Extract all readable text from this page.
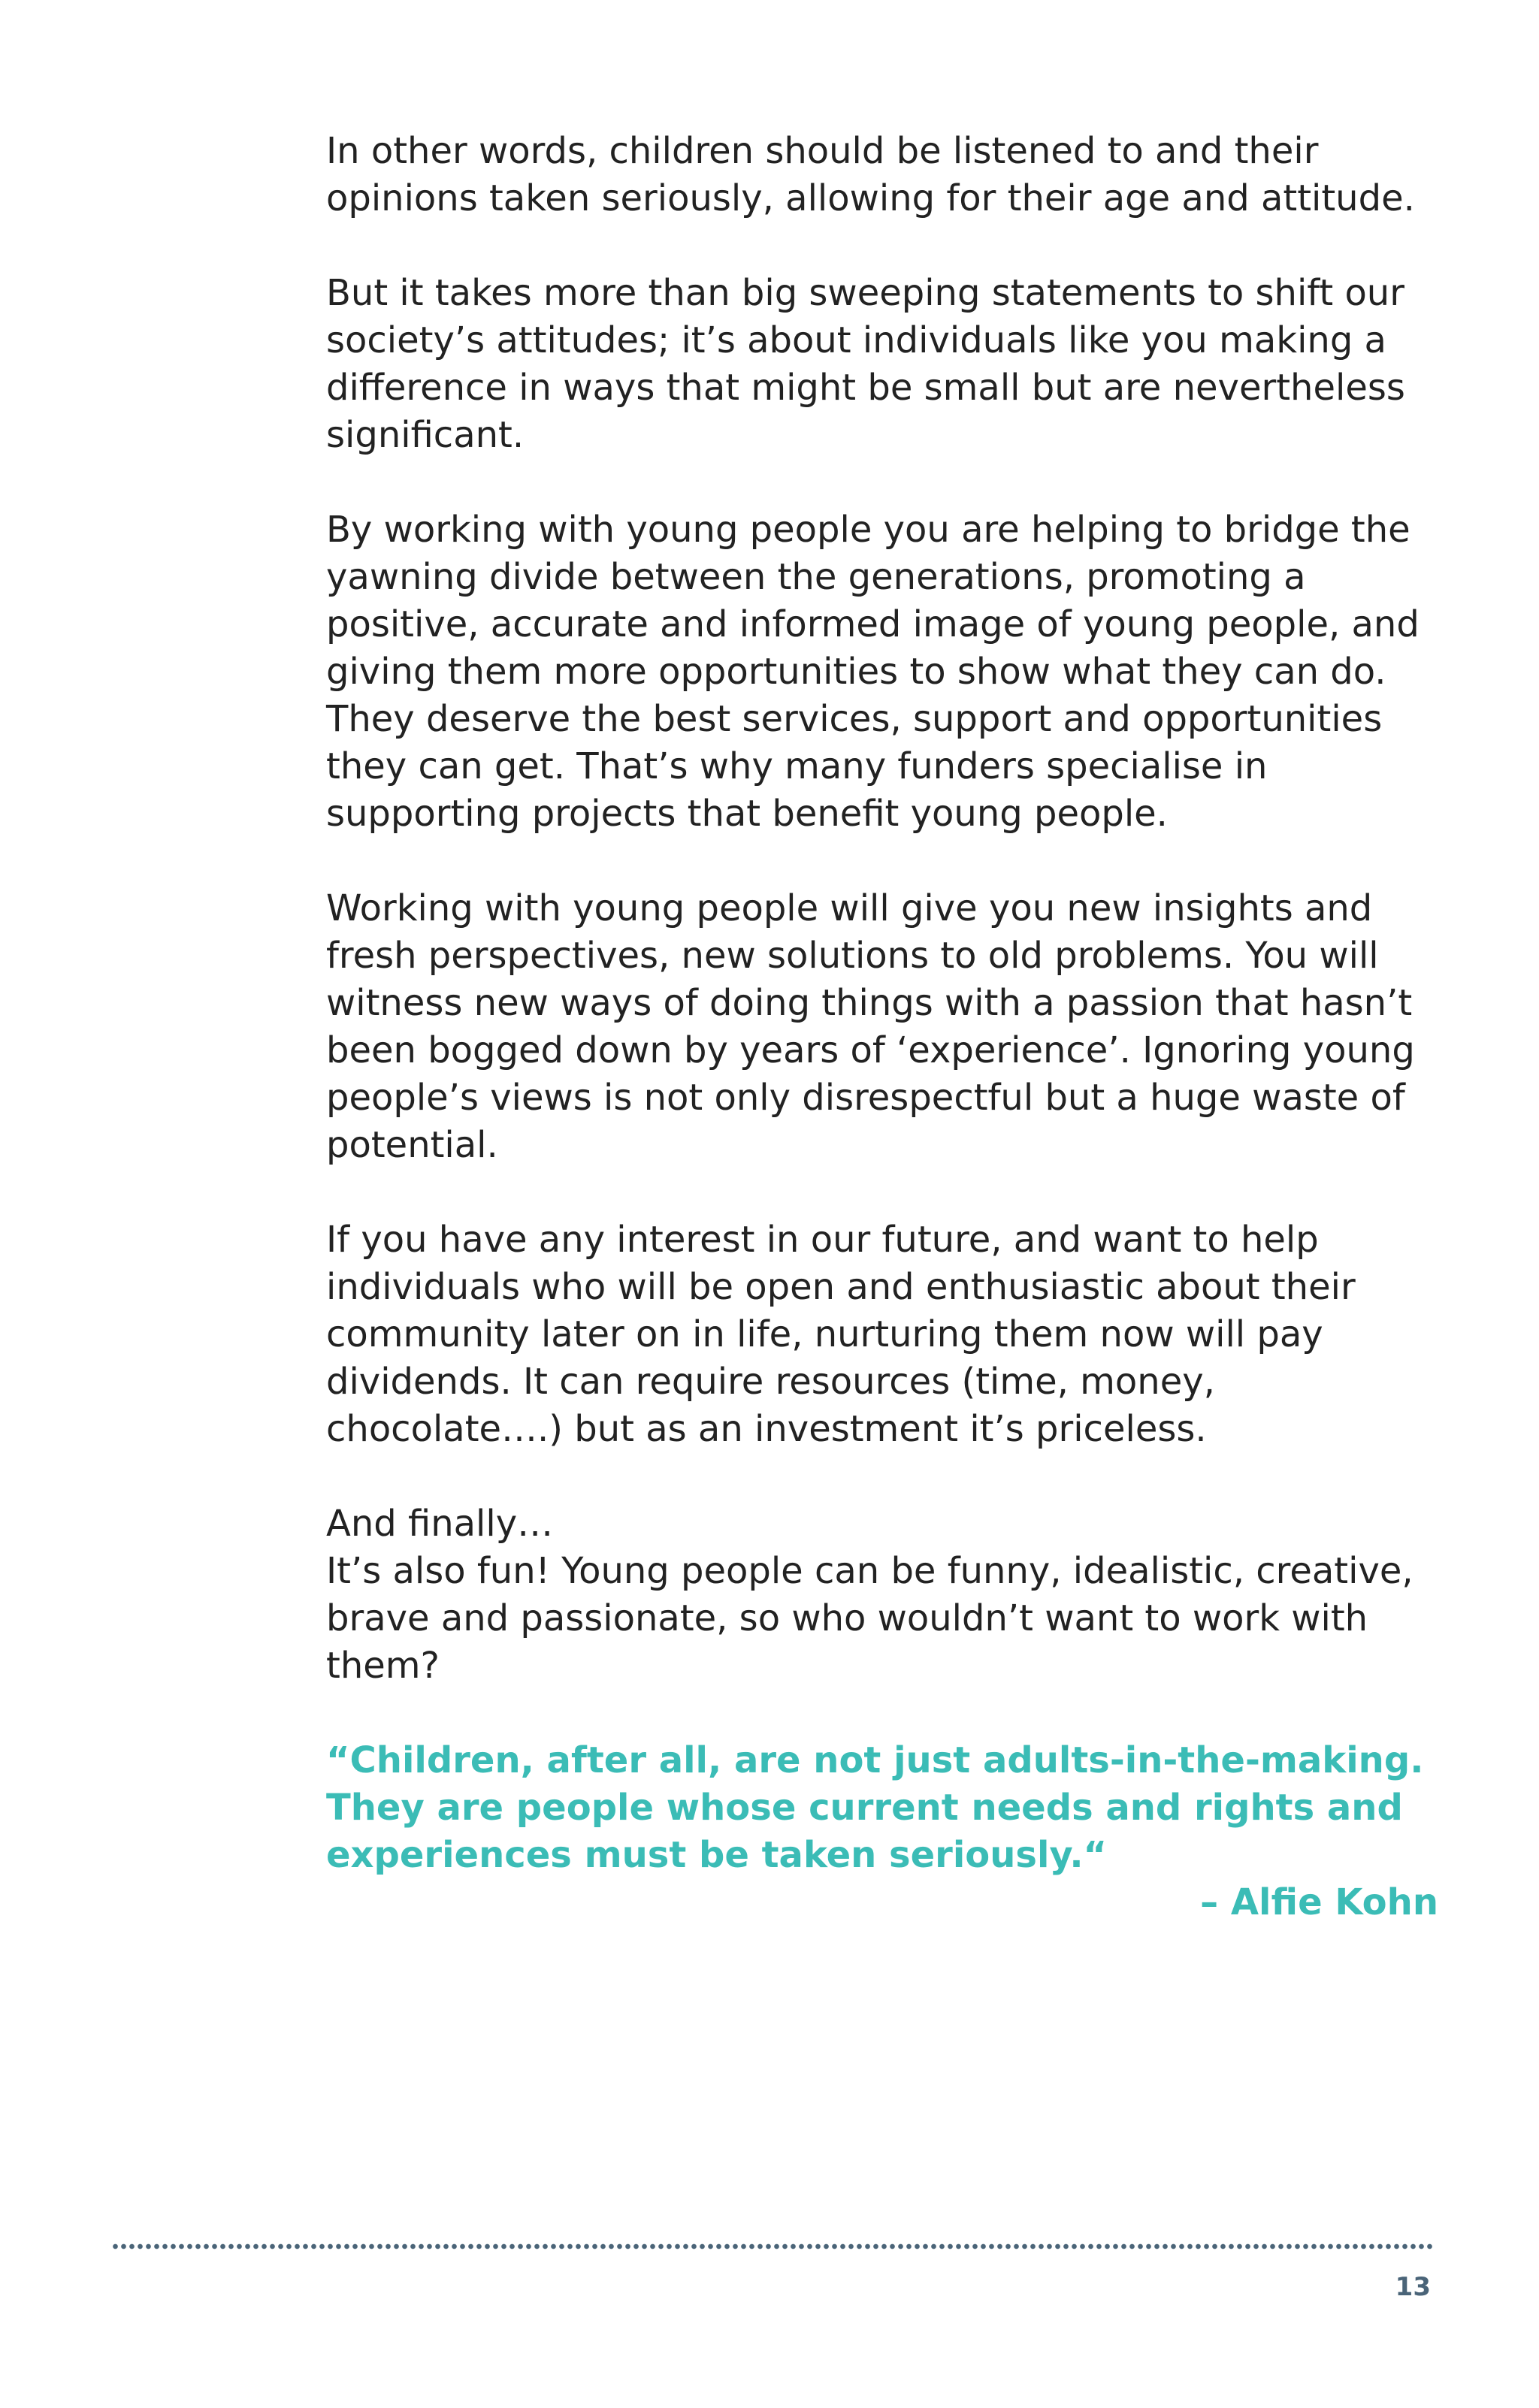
In other words, children should be listened to and their opinions taken seriously, allowing for their age and attitude.

But it takes more than big sweeping statements to shift our society’s attitudes; it’s about individuals like you making a difference in ways that might be small but are nevertheless significant.

By working with young people you are helping to bridge the yawning divide between the generations, promoting a positive, accurate and informed image of young people, and giving them more opportunities to show what they can do. They deserve the best services, support and opportunities they can get. That’s why many funders specialise in supporting projects that benefit young people.

Working with young people will give you new insights and fresh perspectives, new solutions to old problems. You will witness new ways of doing things with a passion that hasn’t been bogged down by years of ‘experience’. Ignoring young people’s views is not only disrespectful but a huge waste of potential.

If you have any interest in our future, and want to help individuals who will be open and enthusiastic about their community later on in life, nurturing them now will pay dividends. It can require resources (time, money, chocolate….) but as an investment it’s priceless.

And finally…

It’s also fun! Young people can be funny, idealistic, creative, brave and passionate, so who wouldn’t want to work with them?

“Children, after all, are not just adults-in-the-making. They are people whose current needs and rights and experiences must be taken seriously.“

– Alfie Kohn

13
